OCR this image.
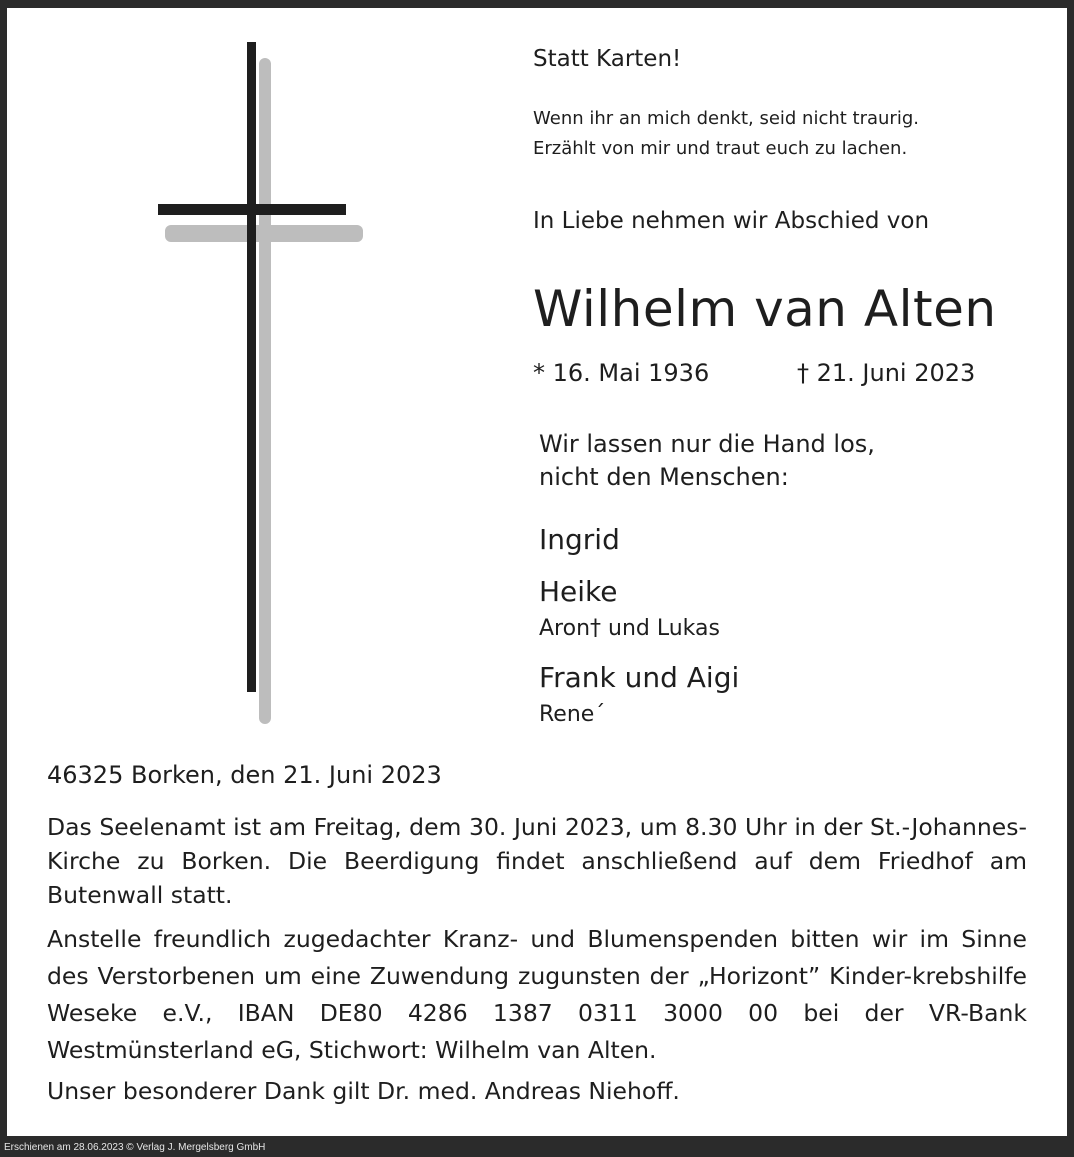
Statt Karten!
Wenn ihr an mich denkt, seid nicht traurig.
Erzählt von mir und traut euch zu lachen.
In Liebe nehmen wir Abschied von
Wilhelm van Alten
* 16. Mai 1936	† 21. Juni 2023
Wir lassen nur die Hand los,
nicht den Menschen:
Ingrid
Heike
Aron† und Lukas
Frank und Aigi
Rene´
46325 Borken, den 21. Juni 2023
Das Seelenamt ist am Freitag, dem 30. Juni 2023, um 8.30 Uhr in der St.-Johannes-Kirche zu Borken. Die Beerdigung findet anschließend auf dem Friedhof am Butenwall statt.
Anstelle freundlich zugedachter Kranz- und Blumenspenden bitten wir im Sinne des Verstorbenen um eine Zuwendung zugunsten der „Horizont” Kinder-krebshilfe Weseke e.V., IBAN DE80 4286 1387 0311 3000 00 bei der VR-Bank Westmünsterland eG, Stichwort: Wilhelm van Alten.
Unser besonderer Dank gilt Dr. med. Andreas Niehoff.
Erschienen am 28.06.2023 © Verlag J. Mergelsberg GmbH
